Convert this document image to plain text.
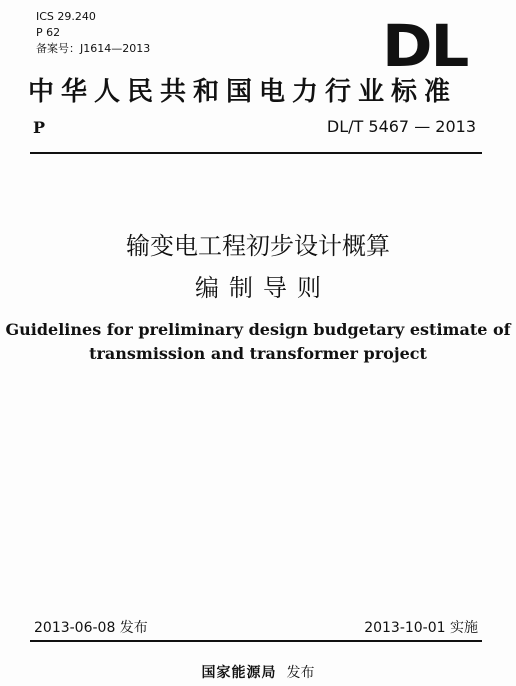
ICS 29.240
P 62
备案号：J1614—2013	DL
中华人民共和国电力行业标准
P	DL/T 5467 — 2013
输变电工程初步设计概算
编制导则
Guidelines for preliminary design budgetary estimate of
transmission and transformer project
2013-06-08 发布	2013-10-01 实施
国家能源局 发布
